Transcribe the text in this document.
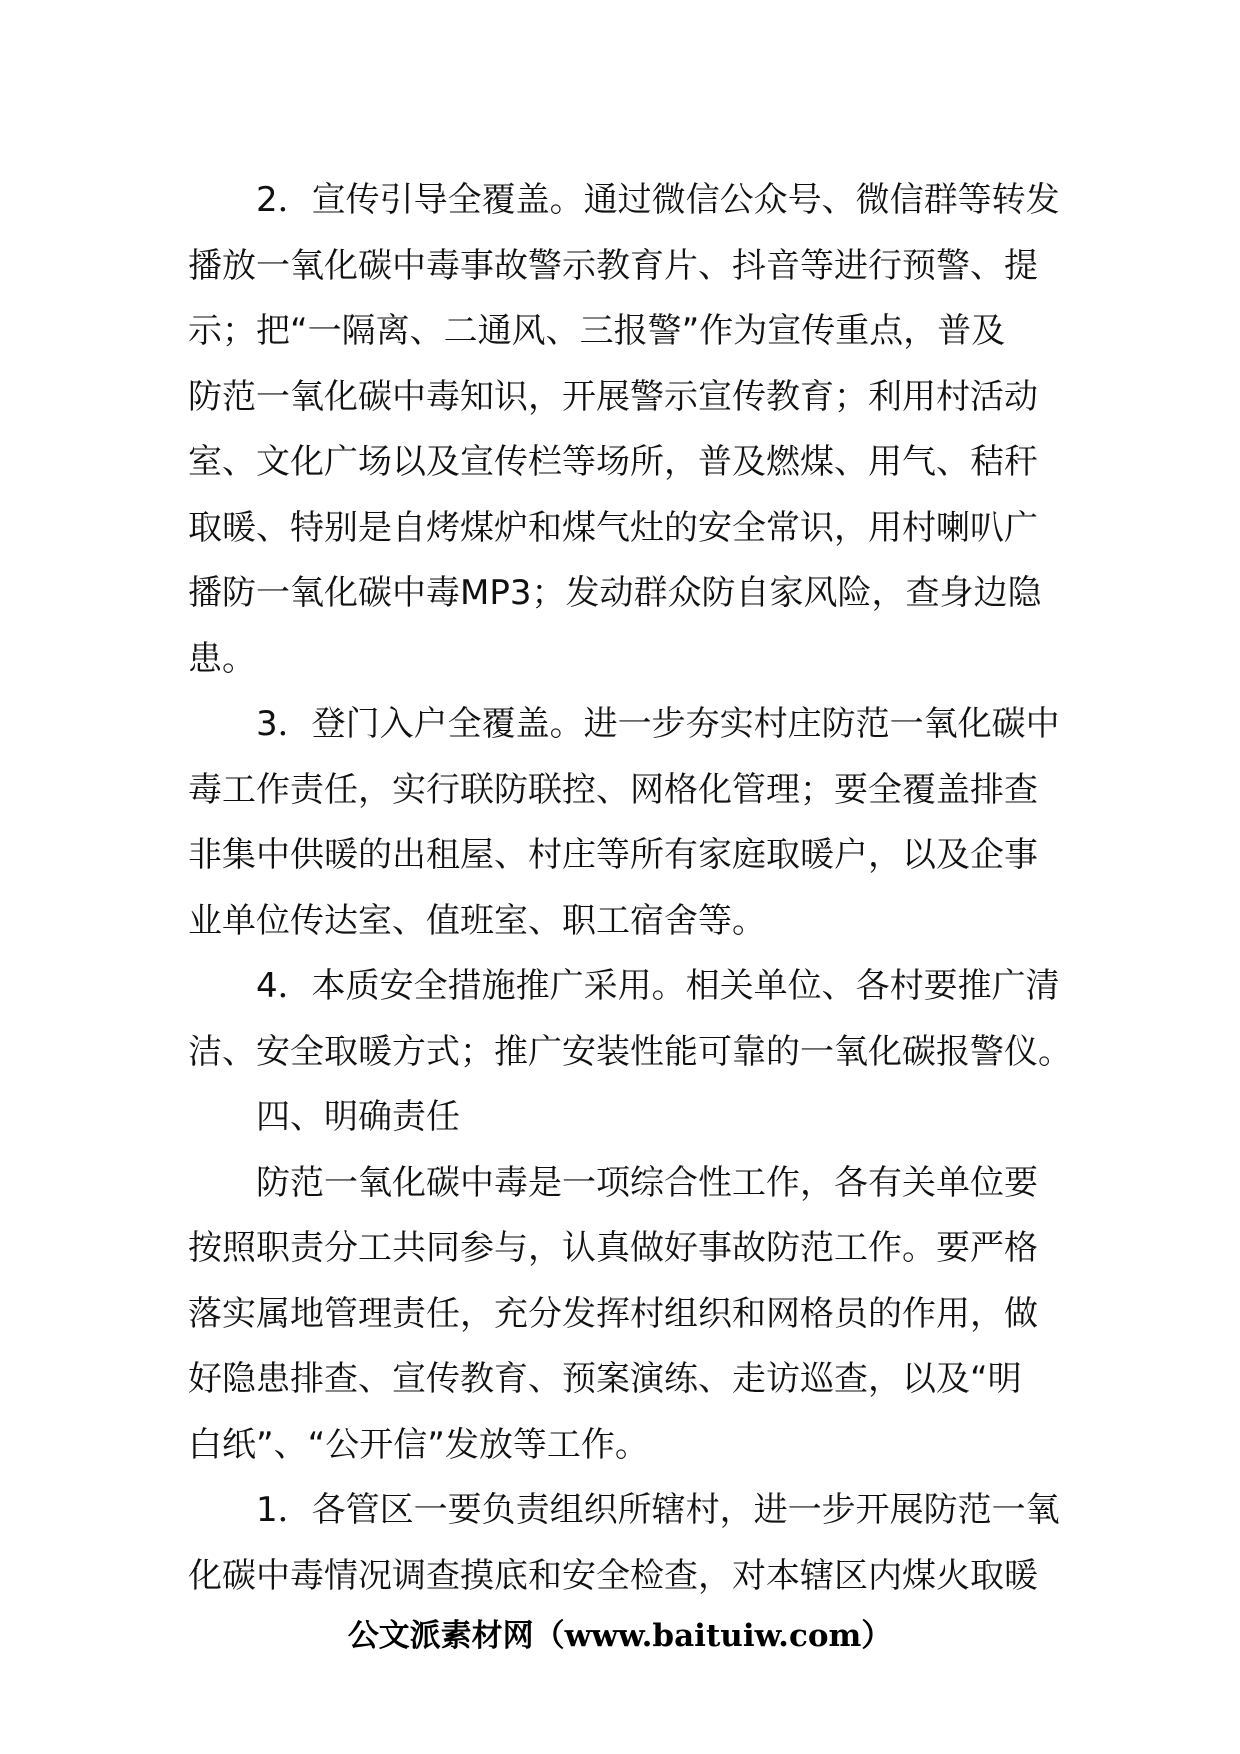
2．宣传引导全覆盖。通过微信公众号、微信群等转发
播放一氧化碳中毒事故警示教育片、抖音等进行预警、提
示；把“一隔离、二通风、三报警”作为宣传重点，普及
防范一氧化碳中毒知识，开展警示宣传教育；利用村活动
室、文化广场以及宣传栏等场所，普及燃煤、用气、秸秆
取暖、特别是自烤煤炉和煤气灶的安全常识，用村喇叭广
播防一氧化碳中毒MP3；发动群众防自家风险，查身边隐
患。
3．登门入户全覆盖。进一步夯实村庄防范一氧化碳中
毒工作责任，实行联防联控、网格化管理；要全覆盖排查
非集中供暖的出租屋、村庄等所有家庭取暖户，以及企事
业单位传达室、值班室、职工宿舍等。
4．本质安全措施推广采用。相关单位、各村要推广清
洁、安全取暖方式；推广安装性能可靠的一氧化碳报警仪。
四、明确责任
防范一氧化碳中毒是一项综合性工作，各有关单位要
按照职责分工共同参与，认真做好事故防范工作。要严格
落实属地管理责任，充分发挥村组织和网格员的作用，做
好隐患排查、宣传教育、预案演练、走访巡查，以及“明
白纸”、“公开信”发放等工作。
1．各管区一要负责组织所辖村，进一步开展防范一氧
化碳中毒情况调查摸底和安全检查，对本辖区内煤火取暖
公文派素材网（www.baituiw.com）
